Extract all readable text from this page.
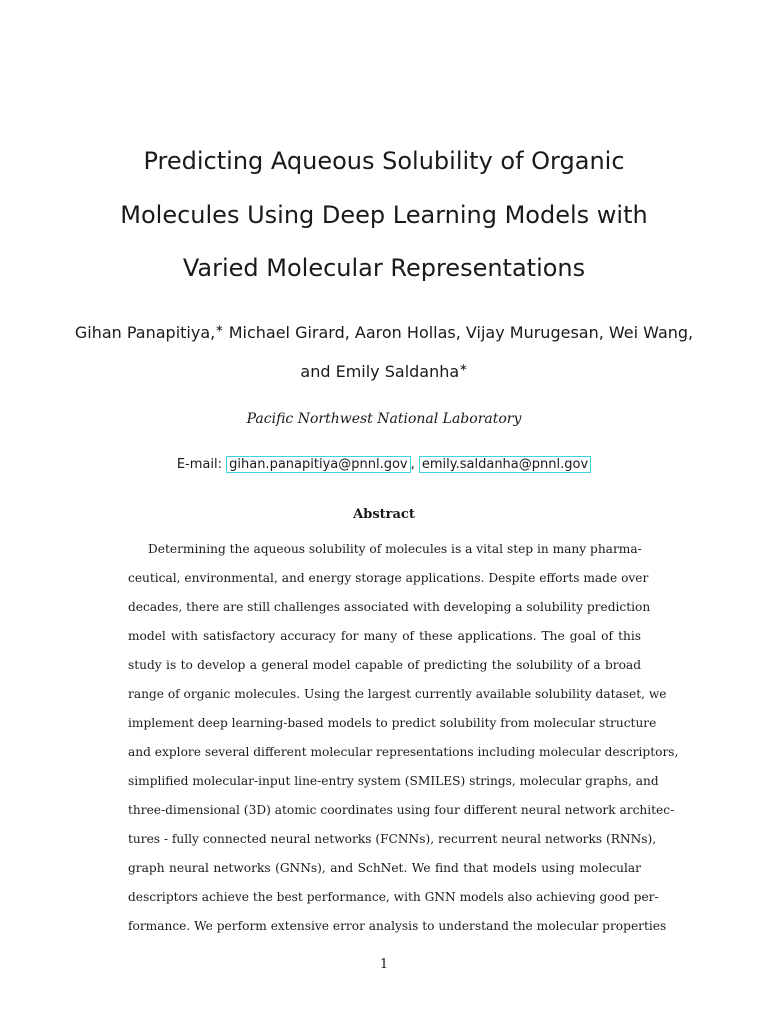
Predicting Aqueous Solubility of Organic
Molecules Using Deep Learning Models with
Varied Molecular Representations
Gihan Panapitiya,∗ Michael Girard, Aaron Hollas, Vijay Murugesan, Wei Wang,
and Emily Saldanha∗
Pacific Northwest National Laboratory
E-mail: gihan.panapitiya@pnnl.gov , emily.saldanha@pnnl.gov
Abstract
Determining the aqueous solubility of molecules is a vital step in many pharma-
ceutical, environmental, and energy storage applications. Despite efforts made over
decades, there are still challenges associated with developing a solubility prediction
model with satisfactory accuracy for many of these applications. The goal of this
study is to develop a general model capable of predicting the solubility of a broad
range of organic molecules. Using the largest currently available solubility dataset, we
implement deep learning-based models to predict solubility from molecular structure
and explore several different molecular representations including molecular descriptors,
simplified molecular-input line-entry system (SMILES) strings, molecular graphs, and
three-dimensional (3D) atomic coordinates using four different neural network architec-
tures - fully connected neural networks (FCNNs), recurrent neural networks (RNNs),
graph neural networks (GNNs), and SchNet. We find that models using molecular
descriptors achieve the best performance, with GNN models also achieving good per-
formance. We perform extensive error analysis to understand the molecular properties
1
